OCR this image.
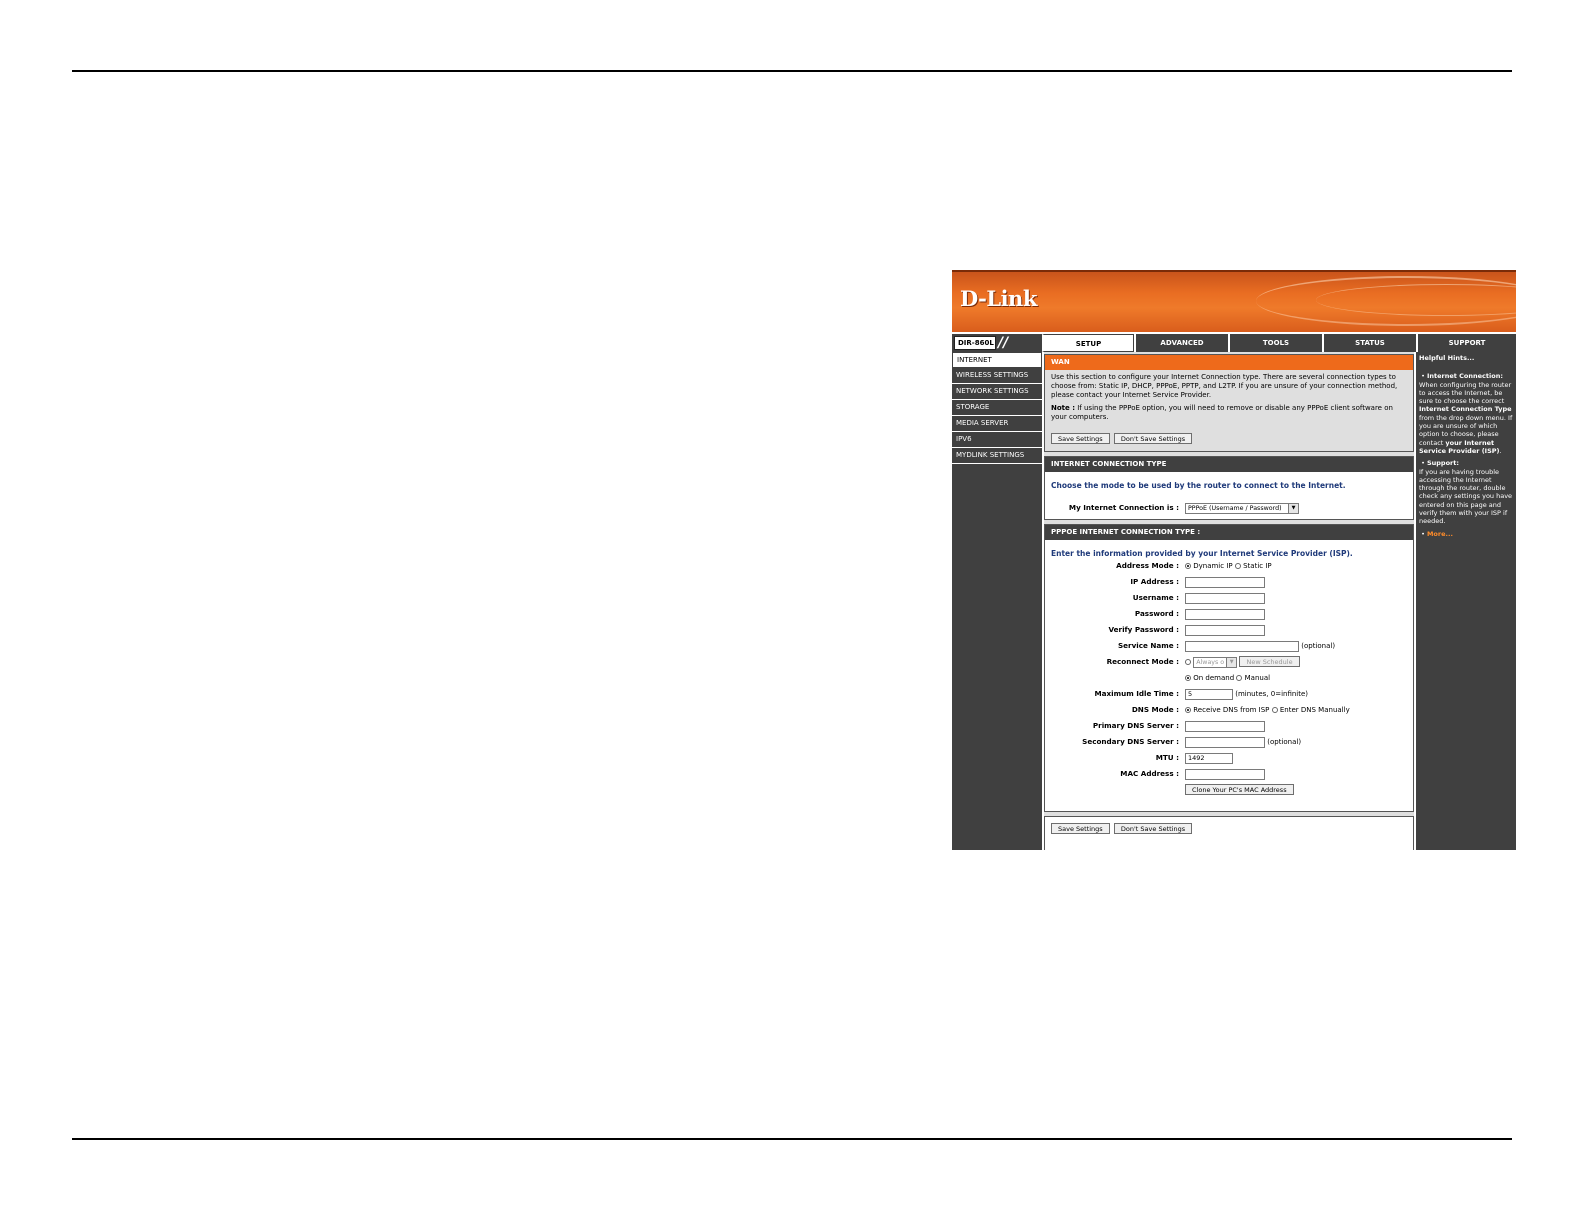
D-Link
DIR-860L //	SETUP	ADVANCED	TOOLS	STATUS	SUPPORT
INTERNET
WIRELESS SETTINGS
NETWORK SETTINGS
STORAGE
MEDIA SERVER
IPV6
MYDLINK SETTINGS
WAN
Use this section to configure your Internet Connection type. There are several connection types to choose from: Static IP, DHCP, PPPoE, PPTP, and L2TP. If you are unsure of your connection method, please contact your Internet Service Provider.
Note : If using the PPPoE option, you will need to remove or disable any PPPoE client software on your computers.
Save Settings	Don't Save Settings
INTERNET CONNECTION TYPE
Choose the mode to be used by the router to connect to the Internet.
My Internet Connection is :	PPPoE (Username / Password)	▼
PPPOE INTERNET CONNECTION TYPE :
Enter the information provided by your Internet Service Provider (ISP).
Address Mode :	Dynamic IP Static IP
IP Address :
Username :
Password :
Verify Password :
Service Name :	(optional)
Reconnect Mode :	Always o	▼	New Schedule
On demand Manual
Maximum Idle Time :	5	(minutes, 0=infinite)
DNS Mode :	Receive DNS from ISP Enter DNS Manually
Primary DNS Server :
Secondary DNS Server :	(optional)
MTU :	1492
MAC Address :
Clone Your PC's MAC Address
Save Settings	Don't Save Settings
Helpful Hints...
• Internet Connection:
When configuring the router to access the Internet, be sure to choose the correct Internet Connection Type from the drop down menu. If you are unsure of which option to choose, please contact your Internet Service Provider (ISP).
• Support:
If you are having trouble accessing the Internet through the router, double check any settings you have entered on this page and verify them with your ISP if needed.
• More...
